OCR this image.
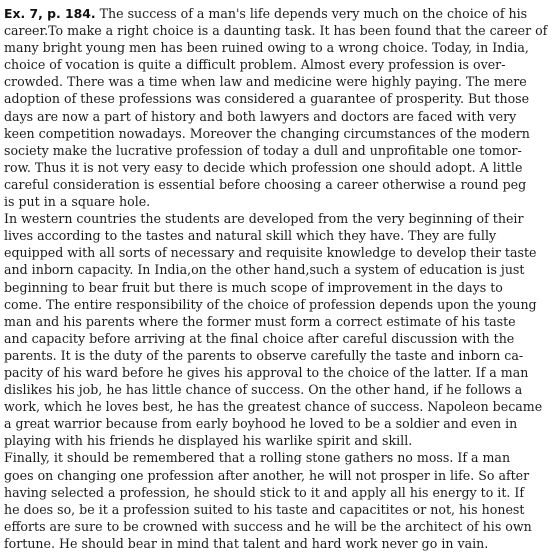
Ex. 7, p. 184. The success of a man's life depends very much on the choice of his
career.To make a right choice is a daunting task. It has been found that the career of
many bright young men has been ruined owing to a wrong choice. Today, in India,
choice of vocation is quite a difficult problem. Almost every profession is over-
crowded. There was a time when law and medicine were highly paying. The mere
adoption of these professions was considered a guarantee of prosperity. But those
days are now a part of history and both lawyers and doctors are faced with very
keen competition nowadays. Moreover the changing circumstances of the modern
society make the lucrative profession of today a dull and unprofitable one tomor-
row. Thus it is not very easy to decide which profession one should adopt. A little
careful consideration is essential before choosing a career otherwise a round peg
is put in a square hole.
In western countries the students are developed from the very beginning of their
lives according to the tastes and natural skill which they have. They are fully
equipped with all sorts of necessary and requisite knowledge to develop their taste
and inborn capacity. In India,on the other hand,such a system of education is just
beginning to bear fruit but there is much scope of improvement in the days to
come. The entire responsibility of the choice of profession depends upon the young
man and his parents where the former must form a correct estimate of his taste
and capacity before arriving at the final choice after careful discussion with the
parents. It is the duty of the parents to observe carefully the taste and inborn ca-
pacity of his ward before he gives his approval to the choice of the latter. If a man
dislikes his job, he has little chance of success. On the other hand, if he follows a
work, which he loves best, he has the greatest chance of success. Napoleon became
a great warrior because from early boyhood he loved to be a soldier and even in
playing with his friends he displayed his warlike spirit and skill.
Finally, it should be remembered that a rolling stone gathers no moss. If a man
goes on changing one profession after another, he will not prosper in life. So after
having selected a profession, he should stick to it and apply all his energy to it. If
he does so, be it a profession suited to his taste and capacitites or not, his honest
efforts are sure to be crowned with success and he will be the architect of his own
fortune. He should bear in mind that talent and hard work never go in vain.
